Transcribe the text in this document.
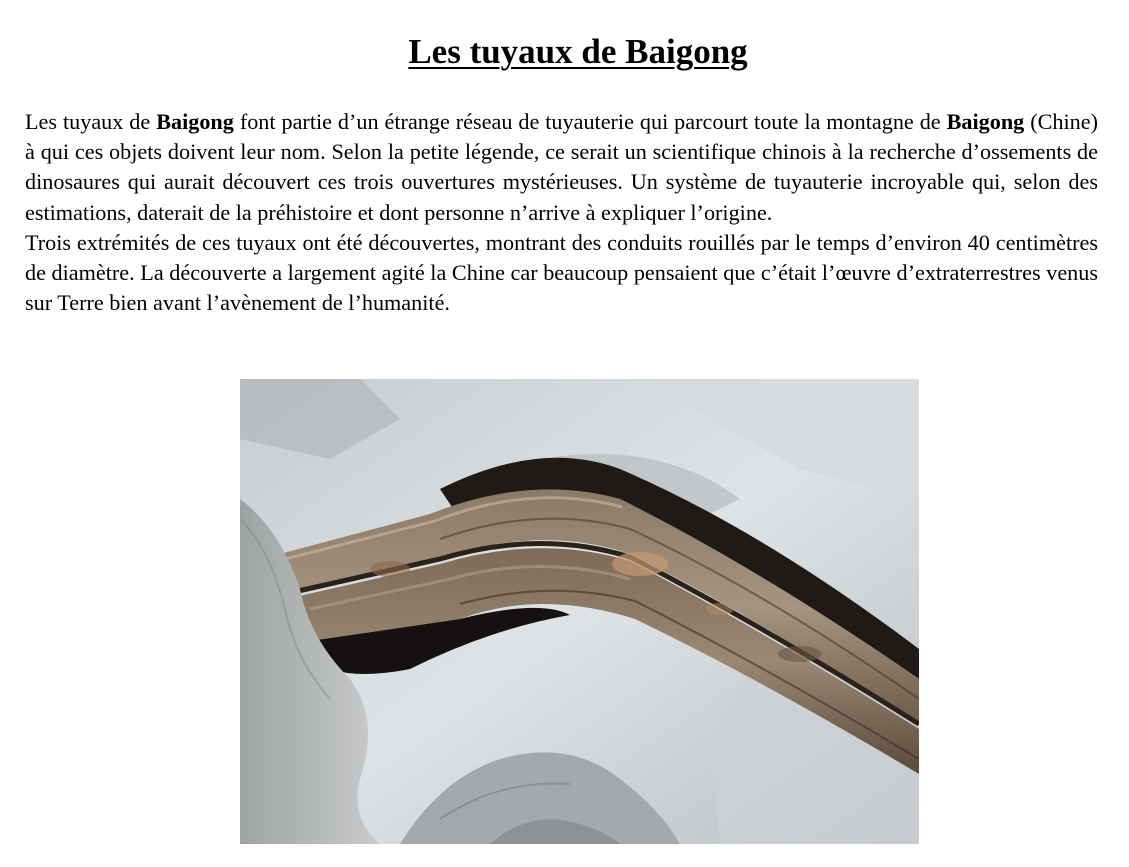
Les tuyaux de Baigong

Les tuyaux de Baigong font partie d’un étrange réseau de tuyauterie qui parcourt toute la montagne de Baigong (Chine) à qui ces objets doivent leur nom. Selon la petite légende, ce serait un scientifique chinois à la recherche d’ossements de dinosaures qui aurait découvert ces trois ouvertures mystérieuses. Un système de tuyauterie incroyable qui, selon des estimations, daterait de la préhistoire et dont personne n’arrive à expliquer l’origine.

Trois extrémités de ces tuyaux ont été découvertes, montrant des conduits rouillés par le temps d’environ 40 centimètres de diamètre. La découverte a largement agité la Chine car beaucoup pensaient que c’était l’œuvre d’extraterrestres venus sur Terre bien avant l’avènement de l’humanité.
